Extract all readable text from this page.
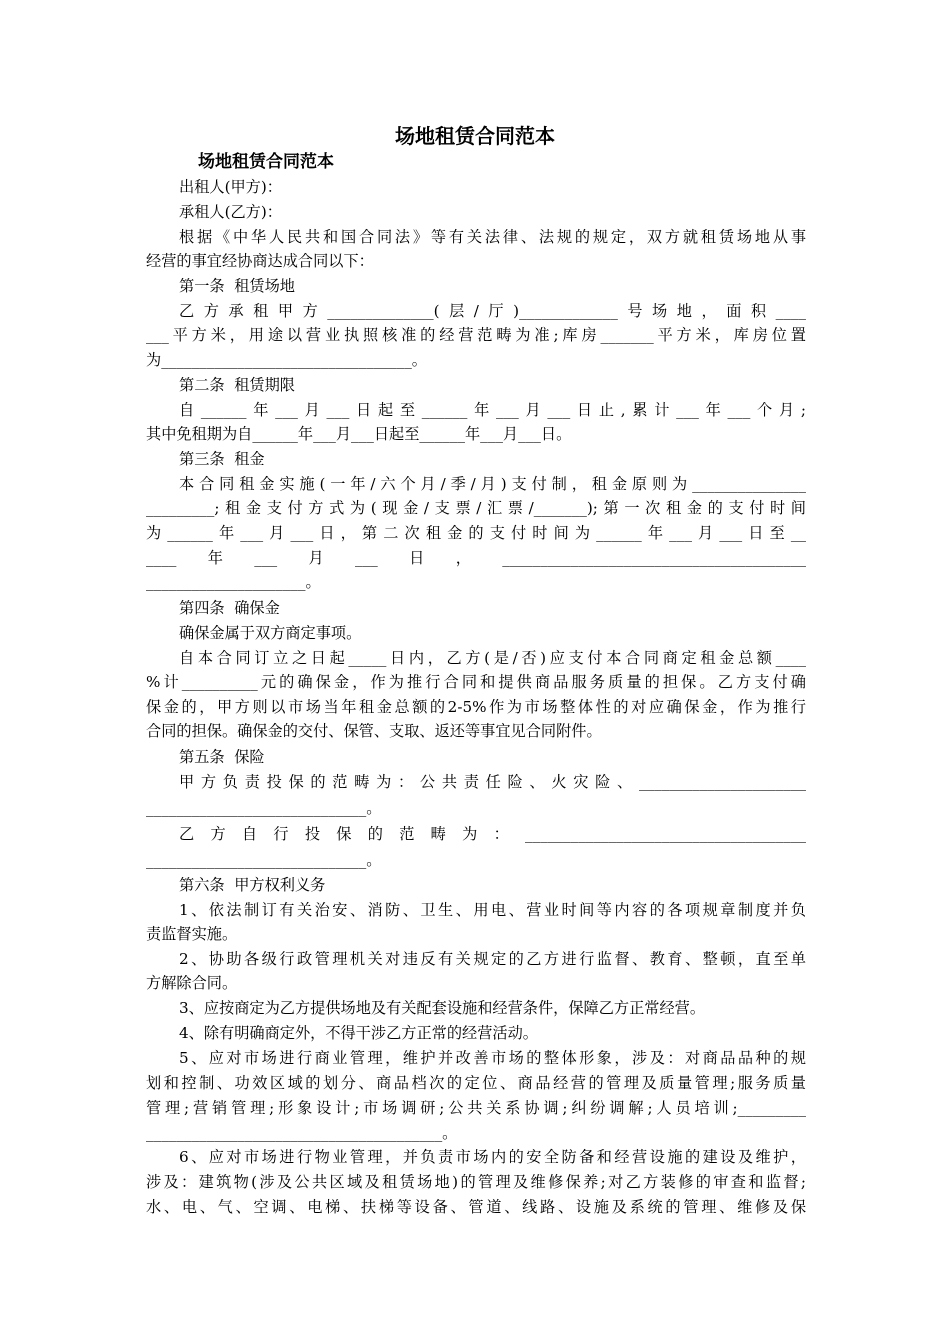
场地租赁合同范本
场地租赁合同范本
出租人(甲方)：
承租人(乙方)：
根据《中华人民共和国合同法》等有关法律、法规的规定，双方就租赁场地从事
经营的事宜经协商达成合同以下：
第一条  租赁场地
乙方承租甲方______________(层/厅)_____________号场地，面积____
___平方米，用途以营业执照核准的经营范畴为准;库房_______平方米，库房位置
为_________________________________。
第二条  租赁期限
自______年___月___日起至______年___月___日止,累计___年___个月;
其中免租期为自______年___月___日起至______年___月___日。
第三条  租金
本合同租金实施(一年/六个月/季/月)支付制，租金原则为_______________
_________;租金支付方式为(现金/支票/汇票/_______);第一次租金的支付时间
为______年___月___日，第二次租金的支付时间为______年___月___日至__
____年___月___日，________________________________________
_____________________。
第四条  确保金
确保金属于双方商定事项。
自本合同订立之日起_____日内，乙方(是/否)应支付本合同商定租金总额____
%计__________元的确保金，作为推行合同和提供商品服务质量的担保。乙方支付确
保金的，甲方则以市场当年租金总额的2-5%作为市场整体性的对应确保金，作为推行
合同的担保。确保金的交付、保管、支取、返还等事宜见合同附件。
第五条  保险
甲方负责投保的范畴为：公共责任险、火灾险、______________________
_____________________________。
乙方自行投保的范畴为：_____________________________________
_____________________________。
第六条  甲方权利义务
1、依法制订有关治安、消防、卫生、用电、营业时间等内容的各项规章制度并负
责监督实施。
2、协助各级行政管理机关对违反有关规定的乙方进行监督、教育、整顿，直至单
方解除合同。
3、应按商定为乙方提供场地及有关配套设施和经营条件，保障乙方正常经营。
4、除有明确商定外，不得干涉乙方正常的经营活动。
5、应对市场进行商业管理，维护并改善市场的整体形象，涉及：对商品品种的规
划和控制、功效区域的划分、商品档次的定位、商品经营的管理及质量管理;服务质量
管理;营销管理;形象设计;市场调研;公共关系协调;纠纷调解;人员培训;_________
_______________________________________。
6、应对市场进行物业管理，并负责市场内的安全防备和经营设施的建设及维护，
涉及：建筑物(涉及公共区域及租赁场地)的管理及维修保养;对乙方装修的审查和监督;
水、电、气、空调、电梯、扶梯等设备、管道、线路、设施及系统的管理、维修及保
